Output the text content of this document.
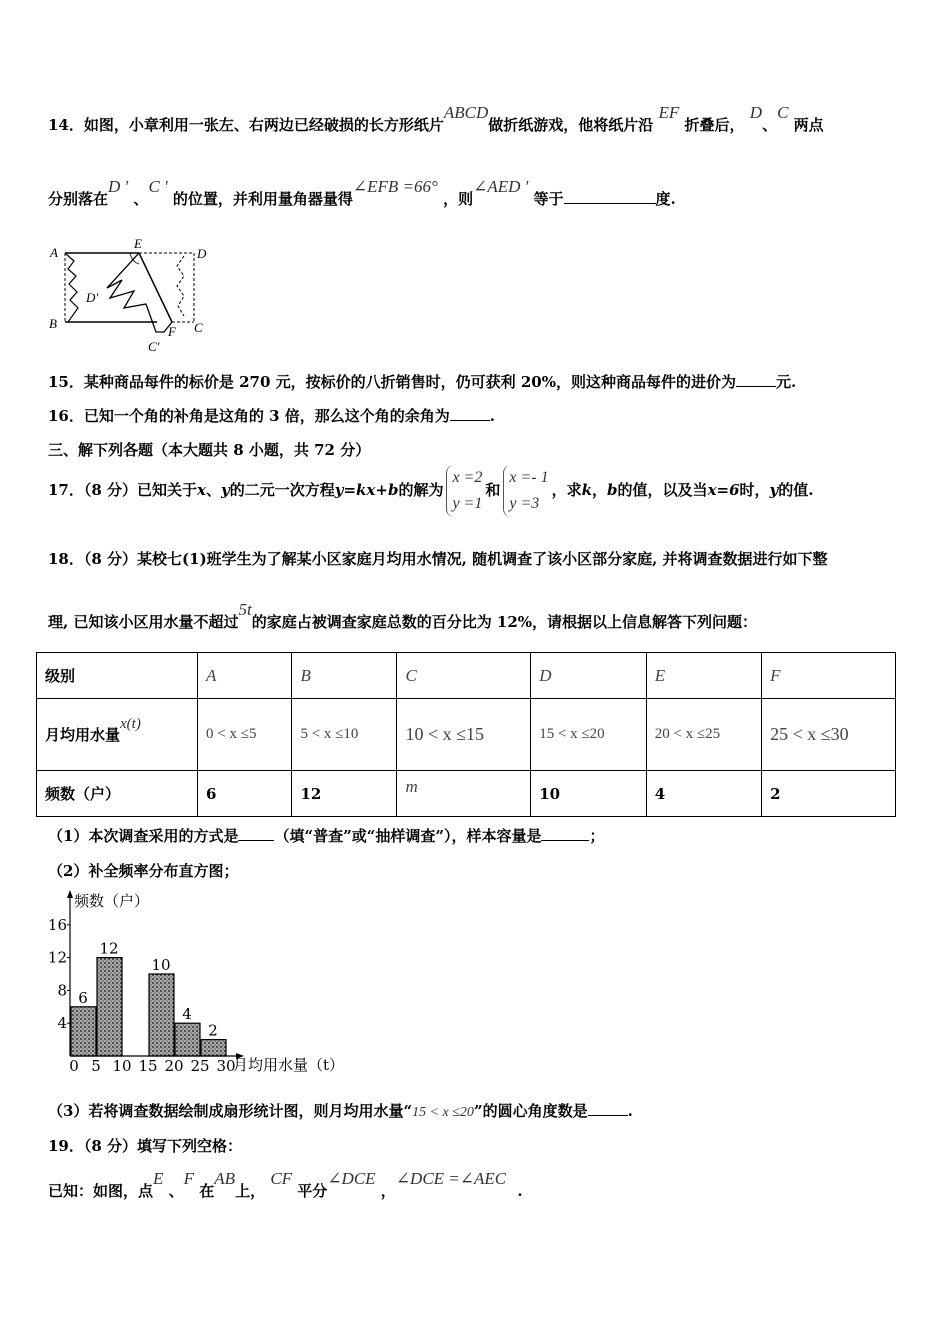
14．如图，小章利用一张左、右两边已经破损的长方形纸片ABCD做折纸游戏，他将纸片沿 EF 折叠后， D、C 两点
分别落在D ' 、C ' 的位置，并利用量角器量得∠EFB =66° ，则∠AED ' 等于	度.
A
E
D
D'
B
F C
C'
15．某种商品每件的标价是 270 元，按标价的八折销售时，仍可获利 20%，则这种商品每件的进价为	元.
16．已知一个角的补角是这角的 3 倍，那么这个角的余角为	.
三、解下列各题（本大题共 8 小题，共 72 分）
17．（8 分）已知关于x、y的二元一次方程y=kx+b的解为x =2
y =1和x =- 1
y =3，求k，b的值，以及当x=6时，y的值.
18．（8 分）某校七(1)班学生为了解某小区家庭月均用水情况, 随机调查了该小区部分家庭, 并将调查数据进行如下整
理, 已知该小区用水量不超过5t的家庭占被调查家庭总数的百分比为 12%，请根据以上信息解答下列问题：
级别	A	B	C	D	E	F
月均用水量x(t)	0 < x ≤5	5 < x ≤10	10 < x ≤15	15 < x ≤20	20 < x ≤25	25 < x ≤30
频数（户）	6	12	m	10	4	2
（1）本次调查采用的方式是 （填“普查”或“抽样调查”），样本容量是	；
（2）补全频率分布直方图；
6
12
10
4
2
4
8
12
16
0 5 10 15 20 25 30
频数（户）
月均用水量（t）
（3）若将调查数据绘制成扇形统计图，则月均用水量“15 < x ≤20”的圆心角度数是	.
19．（8 分）填写下列空格：
已知：如图，点E 、F 在AB上， CF 平分∠DCE ，∠DCE =∠AEC .
